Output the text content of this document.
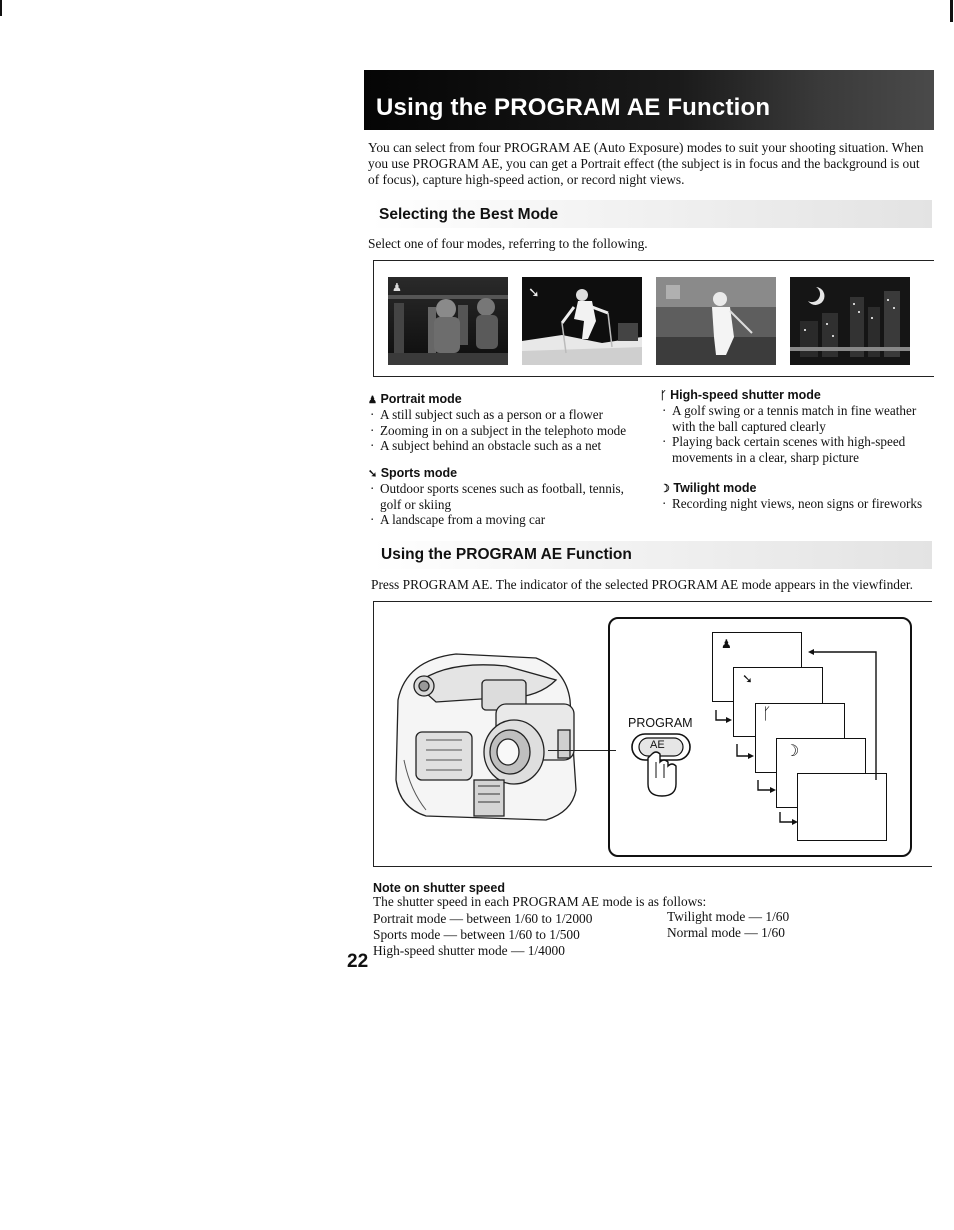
Using the PROGRAM AE Function
You can select from four PROGRAM AE (Auto Exposure) modes to suit your shooting situation. When
you use PROGRAM AE, you can get a Portrait effect (the subject is in focus and the background is out
of focus), capture high-speed action, or record night views.
Selecting the Best Mode
Select one of four modes, referring to the following.
♟	➘
♟ Portrait mode
· A still subject such as a person or a flower
· Zooming in on a subject in the telephoto mode
· A subject behind an obstacle such as a net
➘ Sports mode
· Outdoor sports scenes such as football, tennis,
golf or skiing
· A landscape from a moving car
ᚴ High-speed shutter mode
· A golf swing or a tennis match in fine weather
with the ball captured clearly
· Playing back certain scenes with high-speed
movements in a clear, sharp picture
☽ Twilight mode
· Recording night views, neon signs or fireworks
Using the PROGRAM AE Function
Press PROGRAM AE. The indicator of the selected PROGRAM AE mode appears in the viewfinder.
PROGRAM
AE
♟
➘
ᚴ
☽
Note on shutter speed
The shutter speed in each PROGRAM AE mode is as follows:
Portrait mode — between 1/60 to 1/2000
Sports mode — between 1/60 to 1/500
High-speed shutter mode — 1/4000
Twilight mode — 1/60
Normal mode — 1/60
22
